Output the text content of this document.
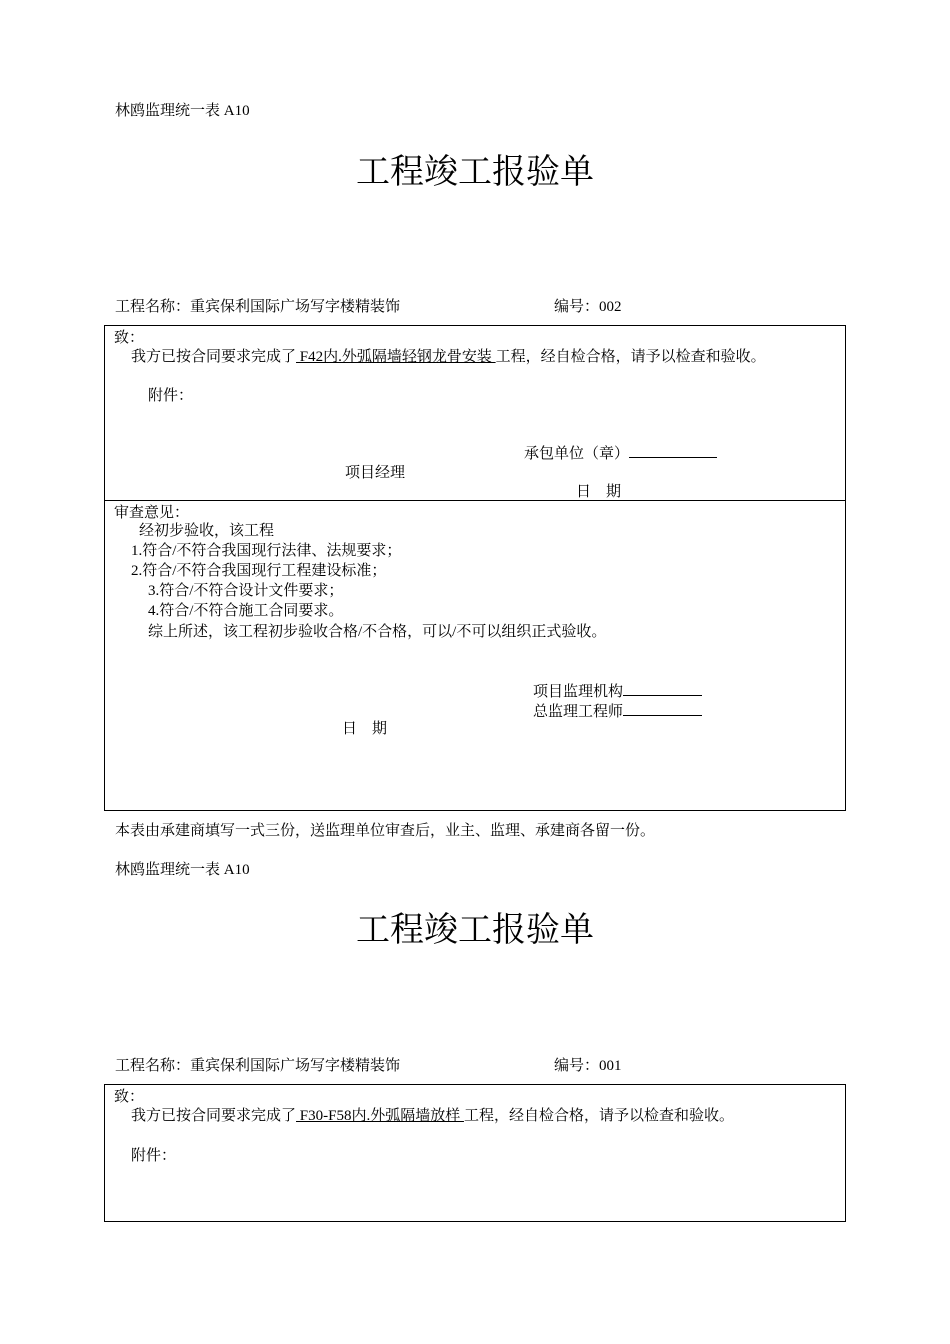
林鸥监理统一表 A10
工程竣工报验单
工程名称：重宾保利国际广场写字楼精装饰	编号：002
致：
我方已按合同要求完成了 F42内.外弧隔墙轻钢龙骨安装 工程，经自检合格，请予以检查和验收。
附件：
承包单位（章）
项目经理
日　期
审查意见：
经初步验收，该工程
1.符合/不符合我国现行法律、法规要求；
2.符合/不符合我国现行工程建设标准；
3.符合/不符合设计文件要求；
4.符合/不符合施工合同要求。
综上所述，该工程初步验收合格/不合格，可以/不可以组织正式验收。
项目监理机构
总监理工程师
日　期
本表由承建商填写一式三份，送监理单位审查后，业主、监理、承建商各留一份。
林鸥监理统一表 A10
工程竣工报验单
工程名称：重宾保利国际广场写字楼精装饰	编号：001
致：
我方已按合同要求完成了 F30-F58内.外弧隔墙放样 工程，经自检合格，请予以检查和验收。
附件：
